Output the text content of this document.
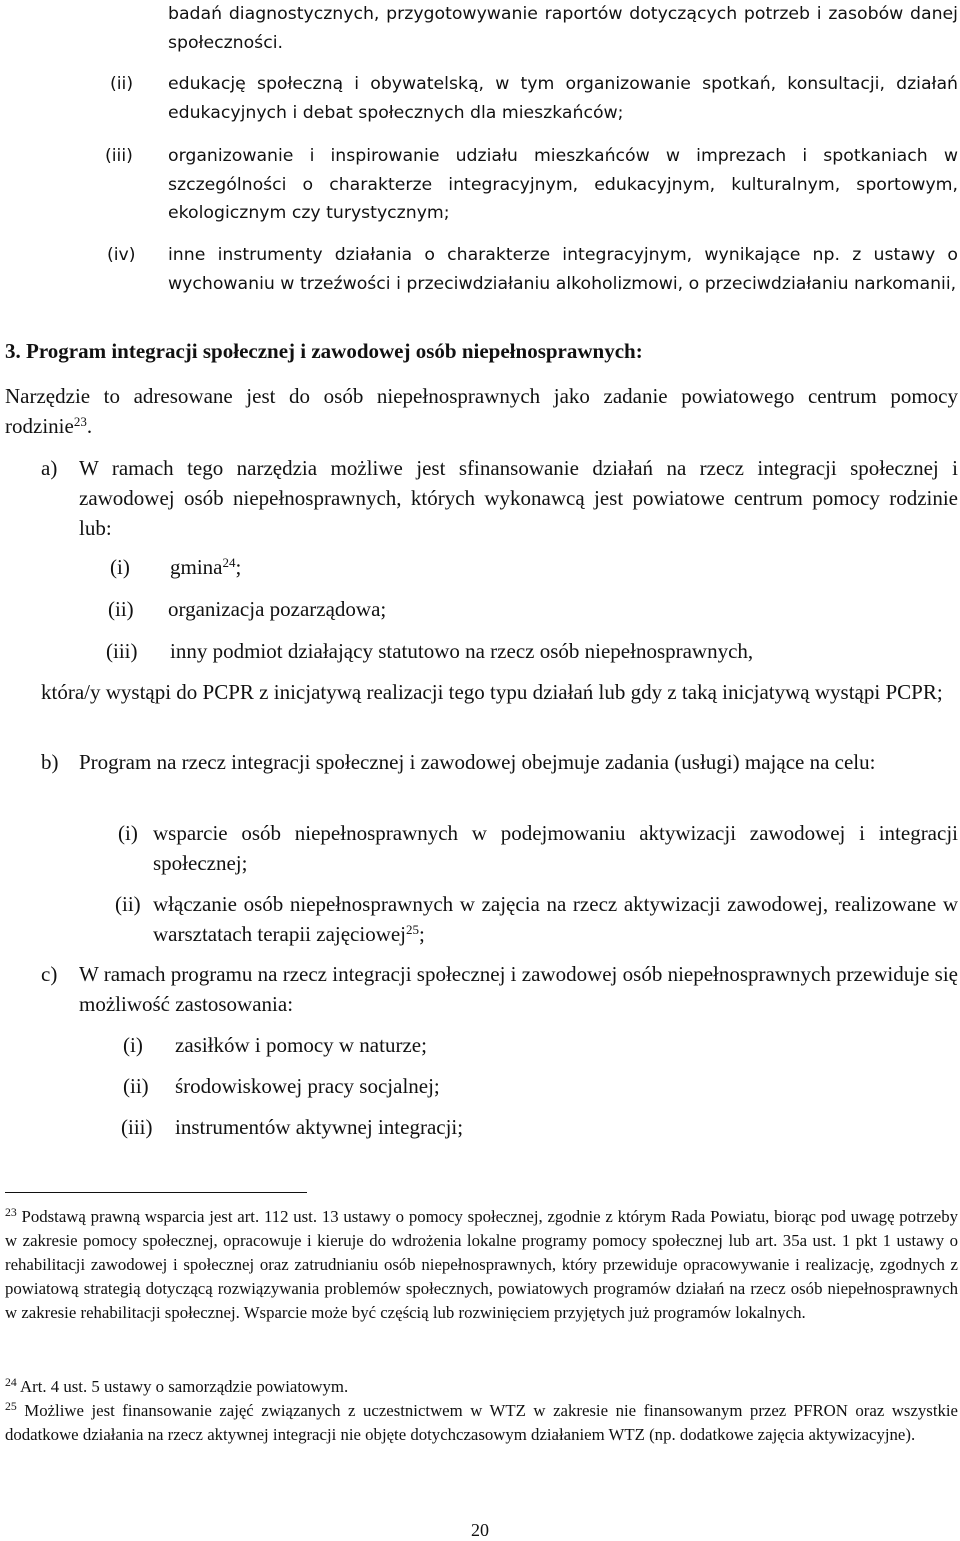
badań diagnostycznych, przygotowywanie raportów dotyczących potrzeb i zasobów danej społeczności.
(ii)	edukację społeczną i obywatelską, w tym organizowanie spotkań, konsultacji, działań edukacyjnych i debat społecznych dla mieszkańców;
(iii)	organizowanie i inspirowanie udziału mieszkańców w imprezach i spotkaniach w szczególności o charakterze integracyjnym, edukacyjnym, kulturalnym, sportowym, ekologicznym czy turystycznym;
(iv)	inne instrumenty działania o charakterze integracyjnym, wynikające np. z ustawy o wychowaniu w trzeźwości i przeciwdziałaniu alkoholizmowi, o przeciwdziałaniu narkomanii,
3. Program integracji społecznej i zawodowej osób niepełnosprawnych:
Narzędzie to adresowane jest do osób niepełnosprawnych jako zadanie powiatowego centrum pomocy rodzinie$^{23}$.
a)	W ramach tego narzędzia możliwe jest sfinansowanie działań na rzecz integracji społecznej i zawodowej osób niepełnosprawnych, których wykonawcą jest powiatowe centrum pomocy rodzinie lub:
(i)	gmina$^{24}$;
(ii)	organizacja pozarządowa;
(iii)	inny podmiot działający statutowo na rzecz osób niepełnosprawnych,
która/y wystąpi do PCPR z inicjatywą realizacji tego typu działań lub gdy z taką inicjatywą wystąpi PCPR;
b) Program na rzecz integracji społecznej i zawodowej obejmuje zadania (usługi) mające na celu:
(i) wsparcie osób niepełnosprawnych w podejmowaniu aktywizacji zawodowej i integracji społecznej;
(ii) włączanie osób niepełnosprawnych w zajęcia na rzecz aktywizacji zawodowej, realizowane w warsztatach terapii zajęciowej$^{25}$;
c)	W ramach programu na rzecz integracji społecznej i zawodowej osób niepełnosprawnych przewiduje się możliwość zastosowania:
(i)	zasiłków i pomocy w naturze;
(ii)	środowiskowej pracy socjalnej;
(iii)	instrumentów aktywnej integracji;
$^{23}$ Podstawą prawną wsparcia jest art. 112 ust. 13 ustawy o pomocy społecznej, zgodnie z którym Rada Powiatu, biorąc pod uwagę potrzeby w zakresie pomocy społecznej, opracowuje i kieruje do wdrożenia lokalne programy pomocy społecznej lub art. 35a ust. 1 pkt 1 ustawy o rehabilitacji zawodowej i społecznej oraz zatrudnianiu osób niepełnosprawnych, który przewiduje opracowywanie i realizację, zgodnych z powiatową strategią dotyczącą rozwiązywania problemów społecznych, powiatowych programów działań na rzecz osób niepełnosprawnych w zakresie rehabilitacji społecznej. Wsparcie może być częścią lub rozwinięciem przyjętych już programów lokalnych.
$^{24}$ Art. 4 ust. 5 ustawy o samorządzie powiatowym.
$^{25}$ Możliwe jest finansowanie zajęć związanych z uczestnictwem w WTZ w zakresie nie finansowanym przez PFRON oraz wszystkie dodatkowe działania na rzecz aktywnej integracji nie objęte dotychczasowym działaniem WTZ (np. dodatkowe zajęcia aktywizacyjne).
20
